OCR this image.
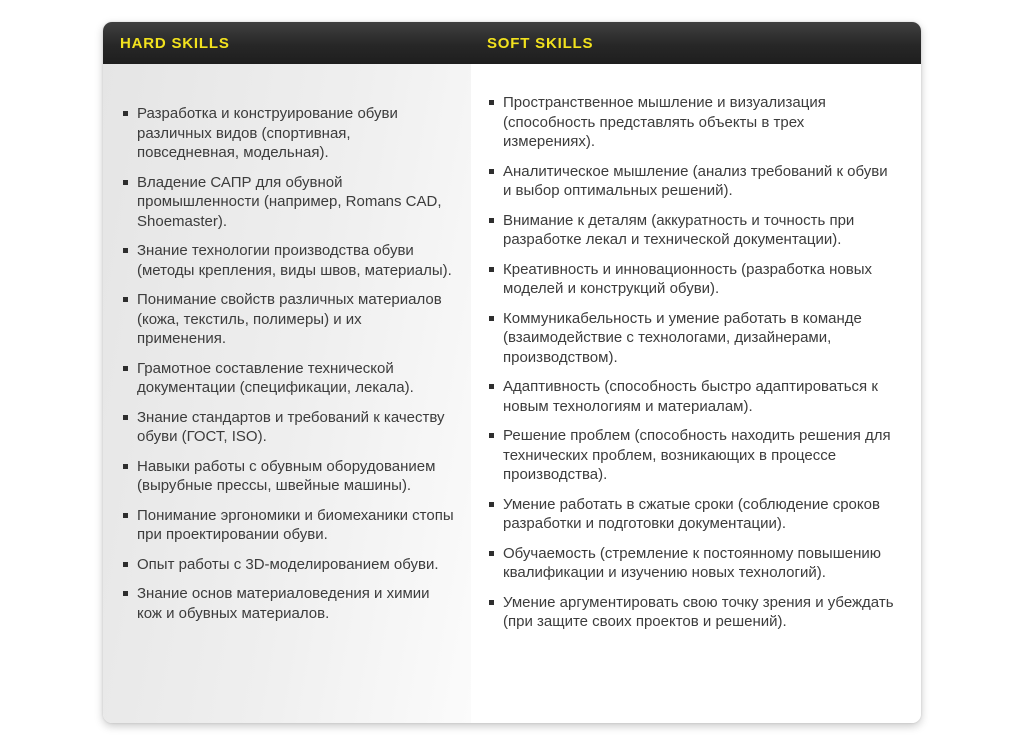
HARD SKILLS	SOFT SKILLS
Разработка и конструирование обуви различных видов (спортивная, повседневная, модельная).
Владение САПР для обувной промышленности (например, Romans CAD, Shoemaster).
Знание технологии производства обуви (методы крепления, виды швов, материалы).
Понимание свойств различных материалов (кожа, текстиль, полимеры) и их применения.
Грамотное составление технической документации (спецификации, лекала).
Знание стандартов и требований к качеству обуви (ГОСТ, ISO).
Навыки работы с обувным оборудованием (вырубные прессы, швейные машины).
Понимание эргономики и биомеханики стопы при проектировании обуви.
Опыт работы с 3D-моделированием обуви.
Знание основ материаловедения и химии кож и обувных материалов.
Пространственное мышление и визуализация (способность представлять объекты в трех измерениях).
Аналитическое мышление (анализ требований к обуви и выбор оптимальных решений).
Внимание к деталям (аккуратность и точность при разработке лекал и технической документации).
Креативность и инновационность (разработка новых моделей и конструкций обуви).
Коммуникабельность и умение работать в команде (взаимодействие с технологами, дизайнерами, производством).
Адаптивность (способность быстро адаптироваться к новым технологиям и материалам).
Решение проблем (способность находить решения для технических проблем, возникающих в процессе производства).
Умение работать в сжатые сроки (соблюдение сроков разработки и подготовки документации).
Обучаемость (стремление к постоянному повышению квалификации и изучению новых технологий).
Умение аргументировать свою точку зрения и убеждать (при защите своих проектов и решений).
